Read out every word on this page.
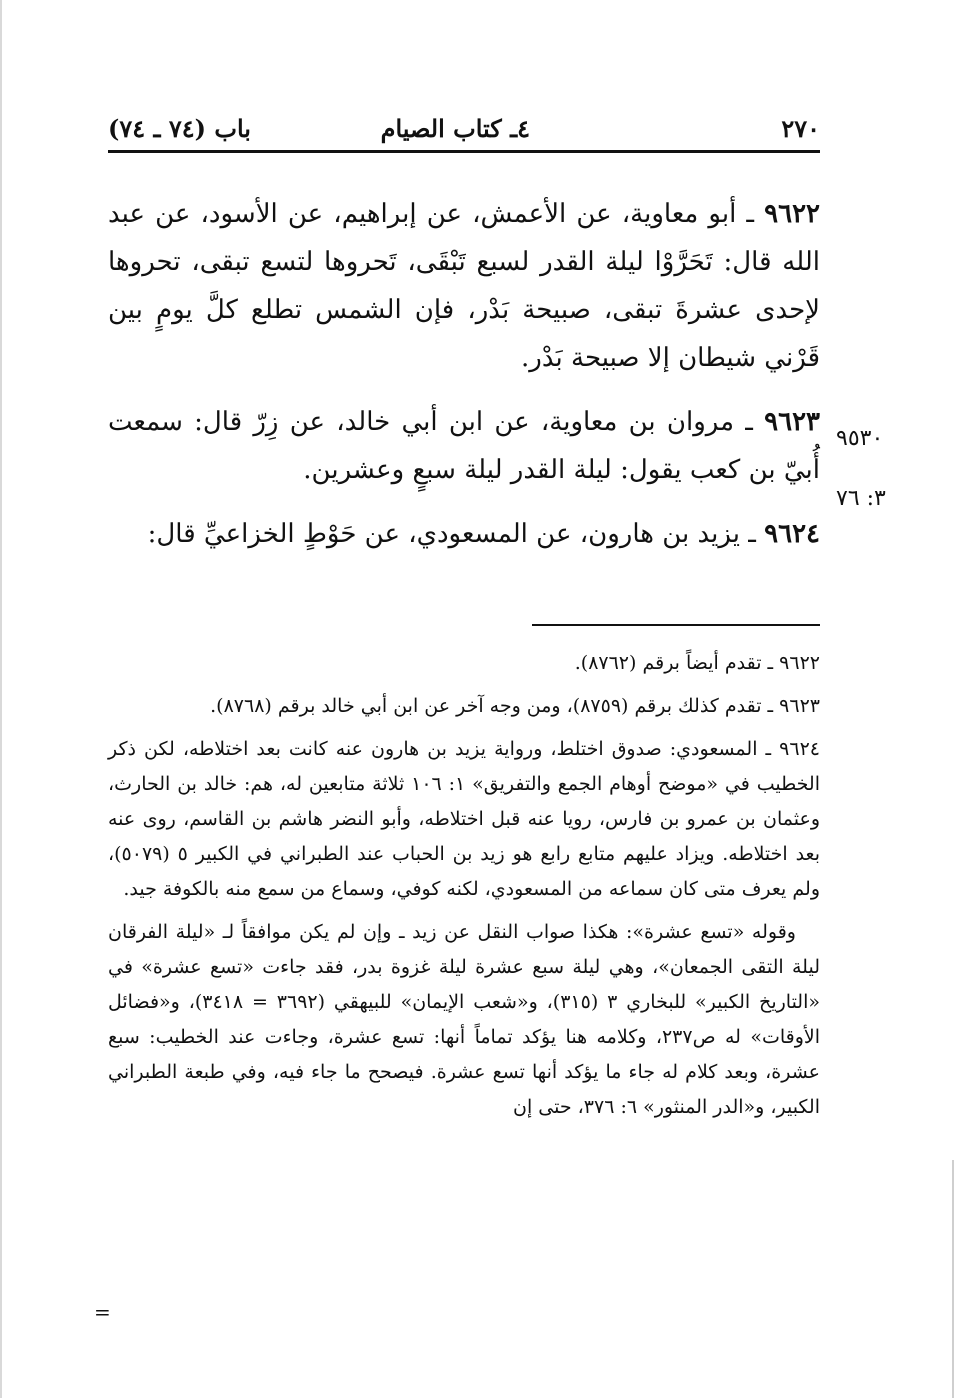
٢٧٠
٤ـ كتاب الصيام
باب (٧٤ ـ ٧٤)

٩٦٢٢ ـ أبو معاوية، عن الأعمش، عن إبراهيم، عن الأسود، عن عبد الله قال: تَحَرَّوْا ليلة القدر لسبع تَبْقَى، تَحروها لتسع تبقى، تحروها لإحدى عشرةَ تبقى، صبيحة بَدْر، فإن الشمس تطلع كلَّ يومٍ بين قَرْني شيطان إلا صبيحة بَدْر.

٩٦٢٣ ـ مروان بن معاوية، عن ابن أبي خالد، عن زِرّ قال: سمعت أُبيّ بن كعب يقول: ليلة القدر ليلة سبعٍ وعشرين.

٩٦٢٤ ـ يزيد بن هارون، عن المسعودي، عن حَوْطٍ الخزاعيِّ قال:

٩٥٣٠
٣: ٧٦

٩٦٢٢ ـ تقدم أيضاً برقم (٨٧٦٢).

٩٦٢٣ ـ تقدم كذلك برقم (٨٧٥٩)، ومن وجه آخر عن ابن أبي خالد برقم (٨٧٦٨).

٩٦٢٤ ـ المسعودي: صدوق اختلط، ورواية يزيد بن هارون عنه كانت بعد اختلاطه، لكن ذكر الخطيب في «موضح أوهام الجمع والتفريق» ١: ١٠٦ ثلاثة متابعين له، هم: خالد بن الحارث، وعثمان بن عمرو بن فارس، رويا عنه قبل اختلاطه، وأبو النضر هاشم بن القاسم، روى عنه بعد اختلاطه. ويزاد عليهم متابع رابع هو زيد بن الحباب عند الطبراني في الكبير ٥ (٥٠٧٩)، ولم يعرف متى كان سماعه من المسعودي، لكنه كوفي، وسماع من سمع منه بالكوفة جيد.

وقوله «تسع عشرة»: هكذا صواب النقل عن زيد ـ وإن لم يكن موافقاً لـ «ليلة الفرقان ليلة التقى الجمعان»، وهي ليلة سبع عشرة ليلة غزوة بدر، فقد جاءت «تسع عشرة» في «التاريخ الكبير» للبخاري ٣ (٣١٥)، و«شعب الإيمان» للبيهقي (٣٦٩٢ = ٣٤١٨)، و«فضائل الأوقات» له ص٢٣٧، وكلامه هنا يؤكد تماماً أنها: تسع عشرة، وجاءت عند الخطيب: سبع عشرة، وبعد كلام له جاء ما يؤكد أنها تسع عشرة. فيصحح ما جاء فيه، وفي طبعة الطبراني الكبير، و«الدر المنثور» ٦: ٣٧٦، حتى إن

=
